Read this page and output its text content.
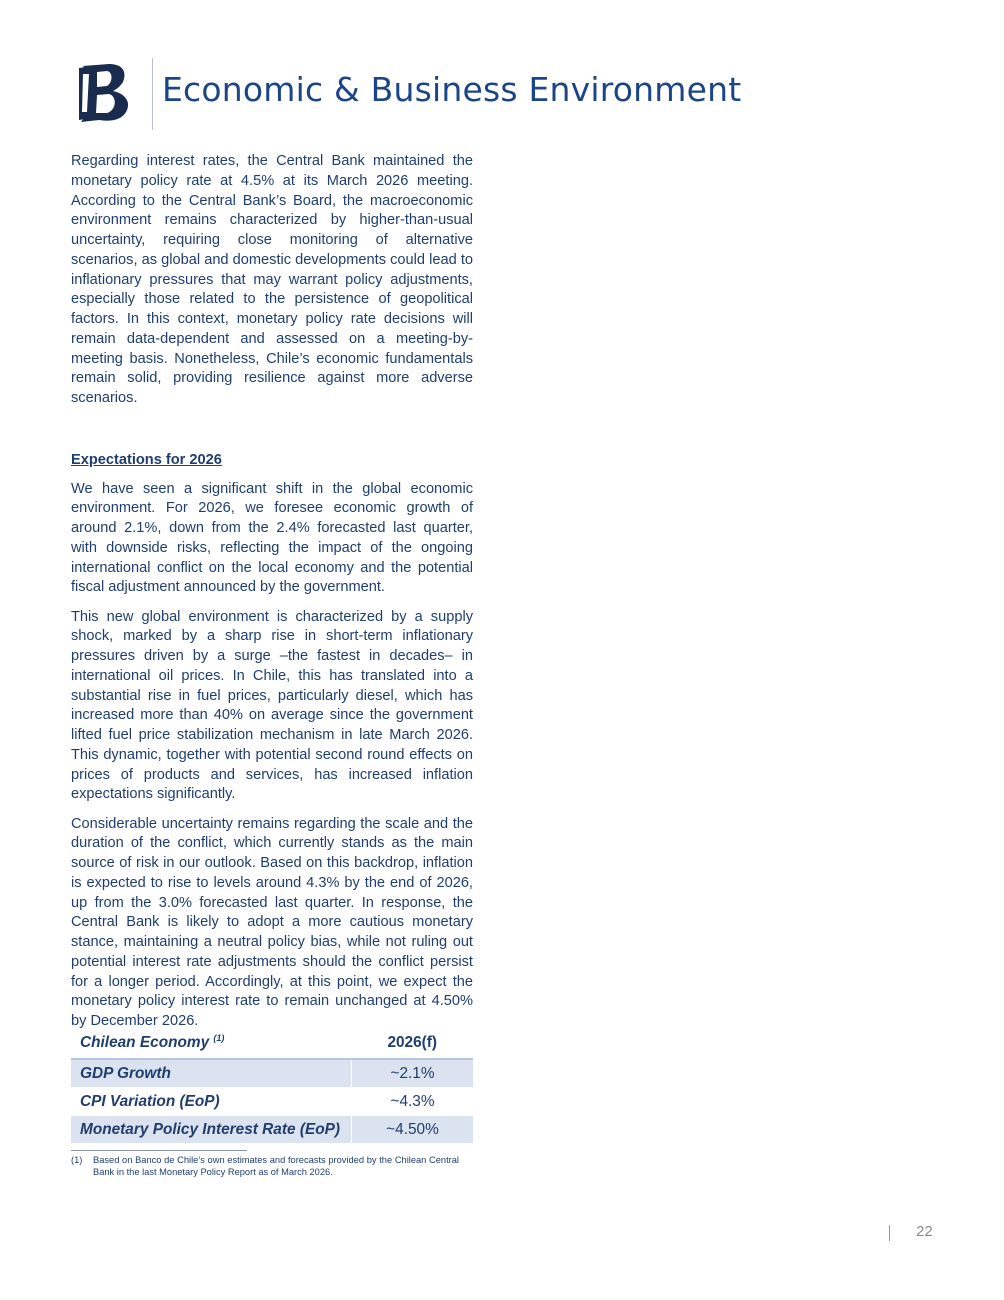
Economic & Business Environment

Regarding interest rates, the Central Bank maintained the monetary policy rate at 4.5% at its March 2026 meeting. According to the Central Bank’s Board, the macroeconomic environment remains characterized by higher-than-usual uncertainty, requiring close monitoring of alternative scenarios, as global and domestic developments could lead to inflationary pressures that may warrant policy adjustments, especially those related to the persistence of geopolitical factors. In this context, monetary policy rate decisions will remain data-dependent and assessed on a meeting-by-meeting basis. Nonetheless, Chile’s economic fundamentals remain solid, providing resilience against more adverse scenarios.

Expectations for 2026

We have seen a significant shift in the global economic environment. For 2026, we foresee economic growth of around 2.1%, down from the 2.4% forecasted last quarter, with downside risks, reflecting the impact of the ongoing international conflict on the local economy and the potential fiscal adjustment announced by the government.

This new global environment is characterized by a supply shock, marked by a sharp rise in short-term inflationary pressures driven by a surge –the fastest in decades– in international oil prices. In Chile, this has translated into a substantial rise in fuel prices, particularly diesel, which has increased more than 40% on average since the government lifted fuel price stabilization mechanism in late March 2026. This dynamic, together with potential second round effects on prices of products and services, has increased inflation expectations significantly.

Considerable uncertainty remains regarding the scale and the duration of the conflict, which currently stands as the main source of risk in our outlook. Based on this backdrop, inflation is expected to rise to levels around 4.3% by the end of 2026, up from the 3.0% forecasted last quarter. In response, the Central Bank is likely to adopt a more cautious monetary stance, maintaining a neutral policy bias, while not ruling out potential interest rate adjustments should the conflict persist for a longer period. Accordingly, at this point, we expect the monetary policy interest rate to remain unchanged at 4.50% by December 2026.

Chilean Economy $^{(1)}$	2026(f)
GDP Growth	~2.1%
CPI Variation (EoP)	~4.3%
Monetary Policy Interest Rate (EoP)	~4.50%
(1) Based on Banco de Chile’s own estimates and forecasts provided by the Chilean Central Bank in the last Monetary Policy Report as of March 2026.
22
